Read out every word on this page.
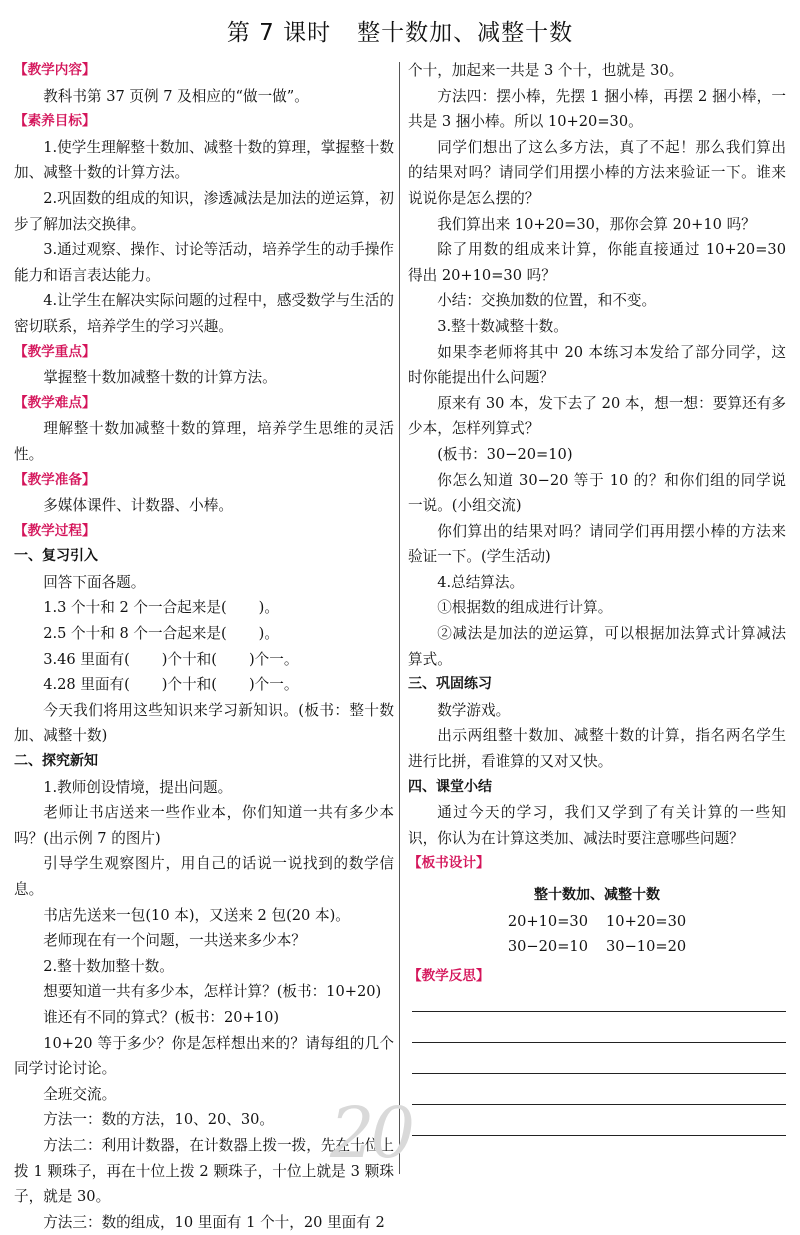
第 7 课时 整十数加、减整十数

【教学内容】

教科书第 37 页例 7 及相应的“做一做”。

【素养目标】

1.使学生理解整十数加、减整十数的算理，掌握整十数加、减整十数的计算方法。

2.巩固数的组成的知识，渗透减法是加法的逆运算，初步了解加法交换律。

3.通过观察、操作、讨论等活动，培养学生的动手操作能力和语言表达能力。

4.让学生在解决实际问题的过程中，感受数学与生活的密切联系，培养学生的学习兴趣。

【教学重点】

掌握整十数加减整十数的计算方法。

【教学难点】

理解整十数加减整十数的算理，培养学生思维的灵活性。

【教学准备】

多媒体课件、计数器、小棒。

【教学过程】

一、复习引入

回答下面各题。

1.3 个十和 2 个一合起来是( )。

2.5 个十和 8 个一合起来是( )。

3.46 里面有( )个十和( )个一。

4.28 里面有( )个十和( )个一。

今天我们将用这些知识来学习新知识。(板书：整十数加、减整十数)

二、探究新知

1.教师创设情境，提出问题。

老师让书店送来一些作业本，你们知道一共有多少本吗？(出示例 7 的图片)

引导学生观察图片，用自己的话说一说找到的数学信息。

书店先送来一包(10 本)，又送来 2 包(20 本)。

老师现在有一个问题，一共送来多少本？

2.整十数加整十数。

想要知道一共有多少本，怎样计算？(板书：10+20)

谁还有不同的算式？(板书：20+10)

10+20 等于多少？你是怎样想出来的？请每组的几个同学讨论讨论。

全班交流。

方法一：数的方法，10、20、30。

方法二：利用计数器，在计数器上拨一拨，先在十位上拨 1 颗珠子，再在十位上拨 2 颗珠子，十位上就是 3 颗珠子，就是 30。

方法三：数的组成，10 里面有 1 个十，20 里面有 2

个十，加起来一共是 3 个十，也就是 30。

方法四：摆小棒，先摆 1 捆小棒，再摆 2 捆小棒，一共是 3 捆小棒。所以 10+20=30。

同学们想出了这么多方法，真了不起！那么我们算出的结果对吗？请同学们用摆小棒的方法来验证一下。谁来说说你是怎么摆的？

我们算出来 10+20=30，那你会算 20+10 吗？

除了用数的组成来计算，你能直接通过 10+20=30 得出 20+10=30 吗？

小结：交换加数的位置，和不变。

3.整十数减整十数。

如果李老师将其中 20 本练习本发给了部分同学，这时你能提出什么问题？

原来有 30 本，发下去了 20 本，想一想：要算还有多少本，怎样列算式？

(板书：30−20=10)

你怎么知道 30−20 等于 10 的？和你们组的同学说一说。(小组交流)

你们算出的结果对吗？请同学们再用摆小棒的方法来验证一下。(学生活动)

4.总结算法。

①根据数的组成进行计算。

②减法是加法的逆运算，可以根据加法算式计算减法算式。

三、巩固练习

数学游戏。

出示两组整十数加、减整十数的计算，指名两名学生进行比拼，看谁算的又对又快。

四、课堂小结

通过今天的学习，我们又学到了有关计算的一些知识，你认为在计算这类加、减法时要注意哪些问题？

【板书设计】

整十数加、减整十数

20+10=30 10+20=30
30−20=10 30−10=20

【教学反思】

20
